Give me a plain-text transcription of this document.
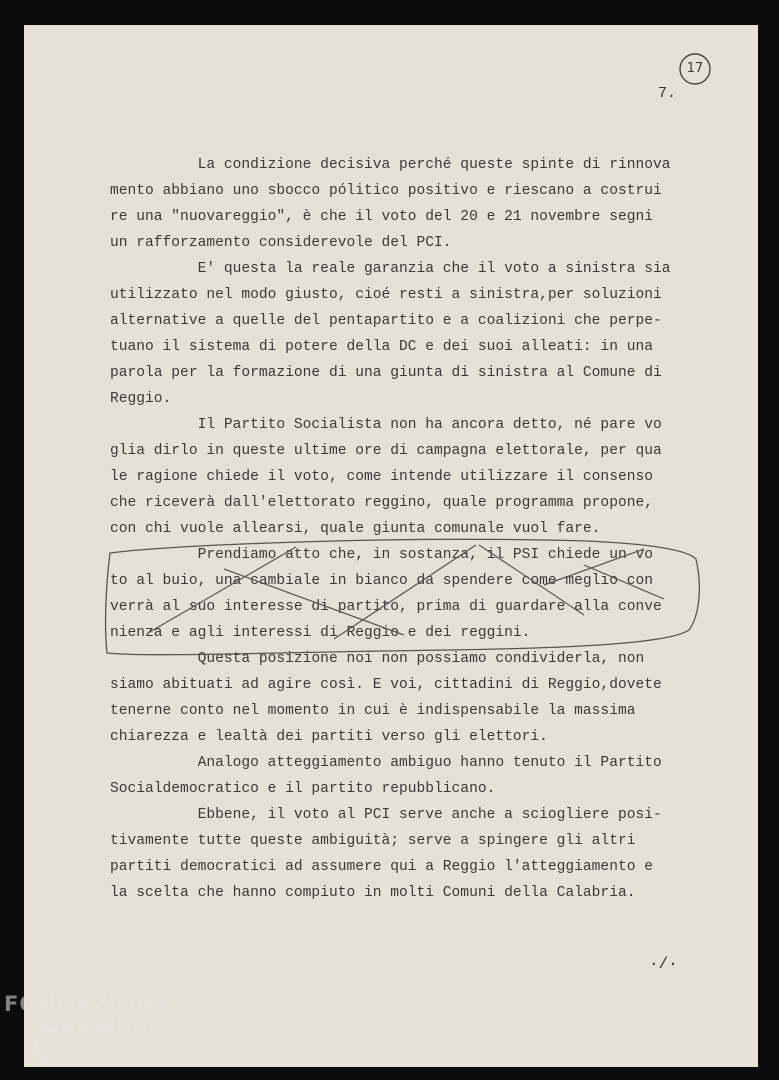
17
7.
La condizione decisiva perché queste spinte di rinnova
mento abbiano uno sbocco pólitico positivo e riescano a costrui
re una "nuovareggio", è che il voto del 20 e 21 novembre segni
un rafforzamento considerevole del PCI.
E' questa la reale garanzia che il voto a sinistra sia
utilizzato nel modo giusto, cioé resti a sinistra,per soluzioni
alternative a quelle del pentapartito e a coalizioni che perpe-
tuano il sistema di potere della DC e dei suoi alleati: in una
parola per la formazione di una giunta di sinistra al Comune di
Reggio.
Il Partito Socialista non ha ancora detto, né pare vo
glia dirlo in queste ultime ore di campagna elettorale, per qua
le ragione chiede il voto, come intende utilizzare il consenso
che riceverà dall'elettorato reggino, quale programma propone,
con chi vuole allearsi, quale giunta comunale vuol fare.
Prendiamo atto che, in sostanza, il PSI chiede un vo
to al buio, una cambiale in bianco da spendere come meglio con
verrà al suo interesse di partito, prima di guardare alla conve
nienza e agli interessi di Reggio e dei reggini.
Questa posizione noi non possiamo condividerla, non
siamo abituati ad agire così. E voi, cittadini di Reggio,dovete
tenerne conto nel momento in cui è indispensabile la massima
chiarezza e lealtà dei partiti verso gli elettori.
Analogo atteggiamento ambiguo hanno tenuto il Partito
Socialdemocratico e il partito repubblicano.
Ebbene, il voto al PCI serve anche a sciogliere posi-
tivamente tutte queste ambiguità; serve a spingere gli altri
partiti democratici ad assumere qui a Reggio l'atteggiamento e
la scelta che hanno compiuto in molti Comuni della Calabria.
·/·
FONDAZIONE
GRAMSCI
onlus
